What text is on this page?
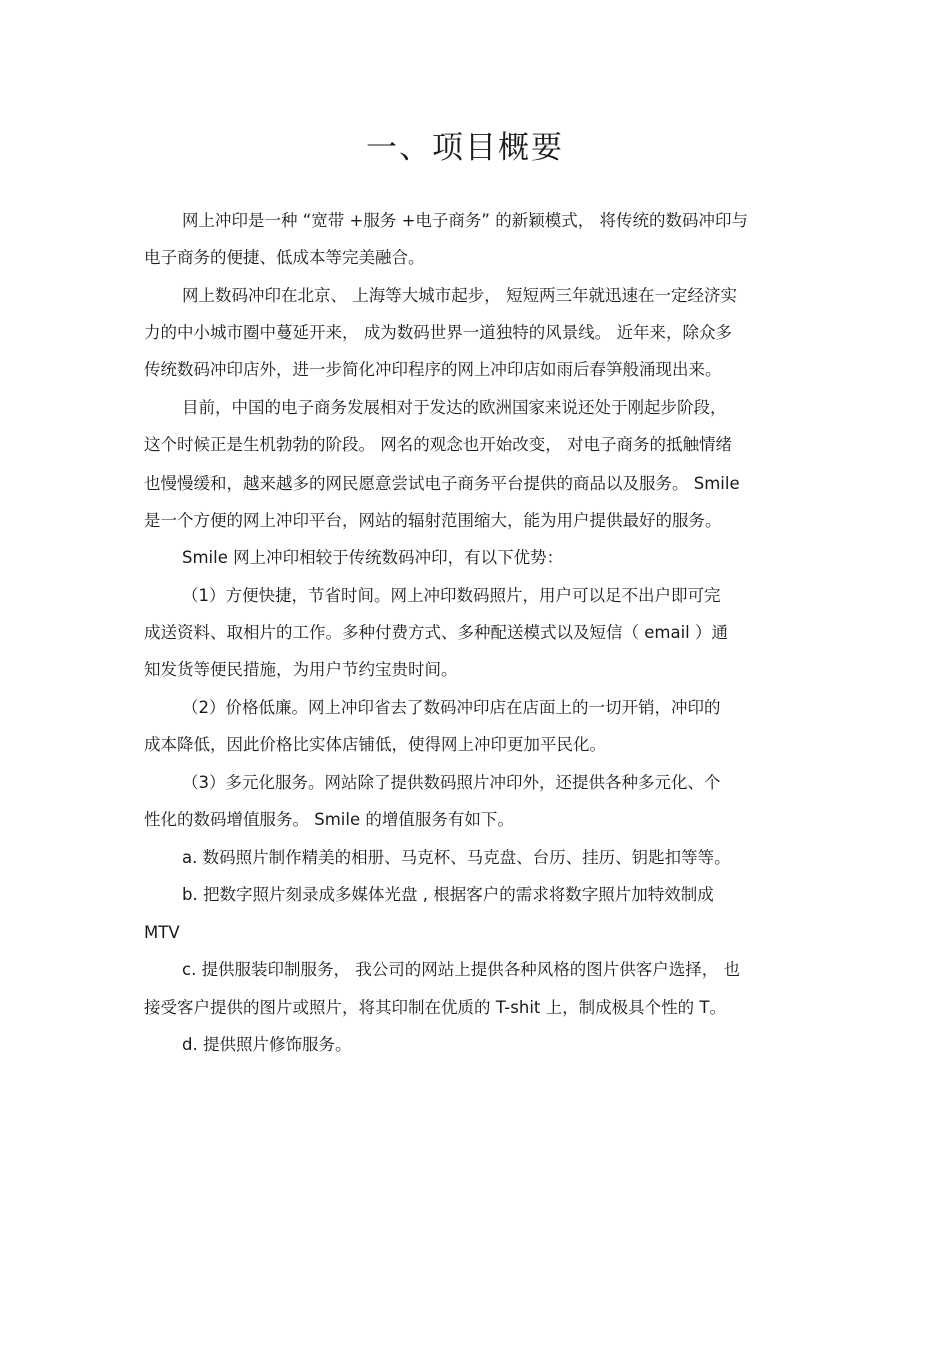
一、项目概要
网上冲印是一种 “宽带 +服务 +电子商务” 的新颖模式， 将传统的数码冲印与
电子商务的便捷、低成本等完美融合。
网上数码冲印在北京、 上海等大城市起步， 短短两三年就迅速在一定经济实
力的中小城市圈中蔓延开来， 成为数码世界一道独特的风景线。 近年来，除众多
传统数码冲印店外，进一步简化冲印程序的网上冲印店如雨后春笋般涌现出来。
目前，中国的电子商务发展相对于发达的欧洲国家来说还处于刚起步阶段，
这个时候正是生机勃勃的阶段。 网名的观念也开始改变， 对电子商务的抵触情绪
也慢慢缓和，越来越多的网民愿意尝试电子商务平台提供的商品以及服务。 Smile
是一个方便的网上冲印平台，网站的辐射范围缩大，能为用户提供最好的服务。
Smile 网上冲印相较于传统数码冲印，有以下优势：
（1）方便快捷，节省时间。网上冲印数码照片，用户可以足不出户即可完
成送资料、取相片的工作。多种付费方式、多种配送模式以及短信（ email ）通
知发货等便民措施，为用户节约宝贵时间。
（2）价格低廉。网上冲印省去了数码冲印店在店面上的一切开销，冲印的
成本降低，因此价格比实体店铺低，使得网上冲印更加平民化。
（3）多元化服务。网站除了提供数码照片冲印外，还提供各种多元化、个
性化的数码增值服务。 Smile 的增值服务有如下。
a. 数码照片制作精美的相册、马克杯、马克盘、台历、挂历、钥匙扣等等。
b. 把数字照片刻录成多媒体光盘 , 根据客户的需求将数字照片加特效制成
MTV
c. 提供服装印制服务， 我公司的网站上提供各种风格的图片供客户选择， 也
接受客户提供的图片或照片，将其印制在优质的 T-shit 上，制成极具个性的 T。
d. 提供照片修饰服务。
